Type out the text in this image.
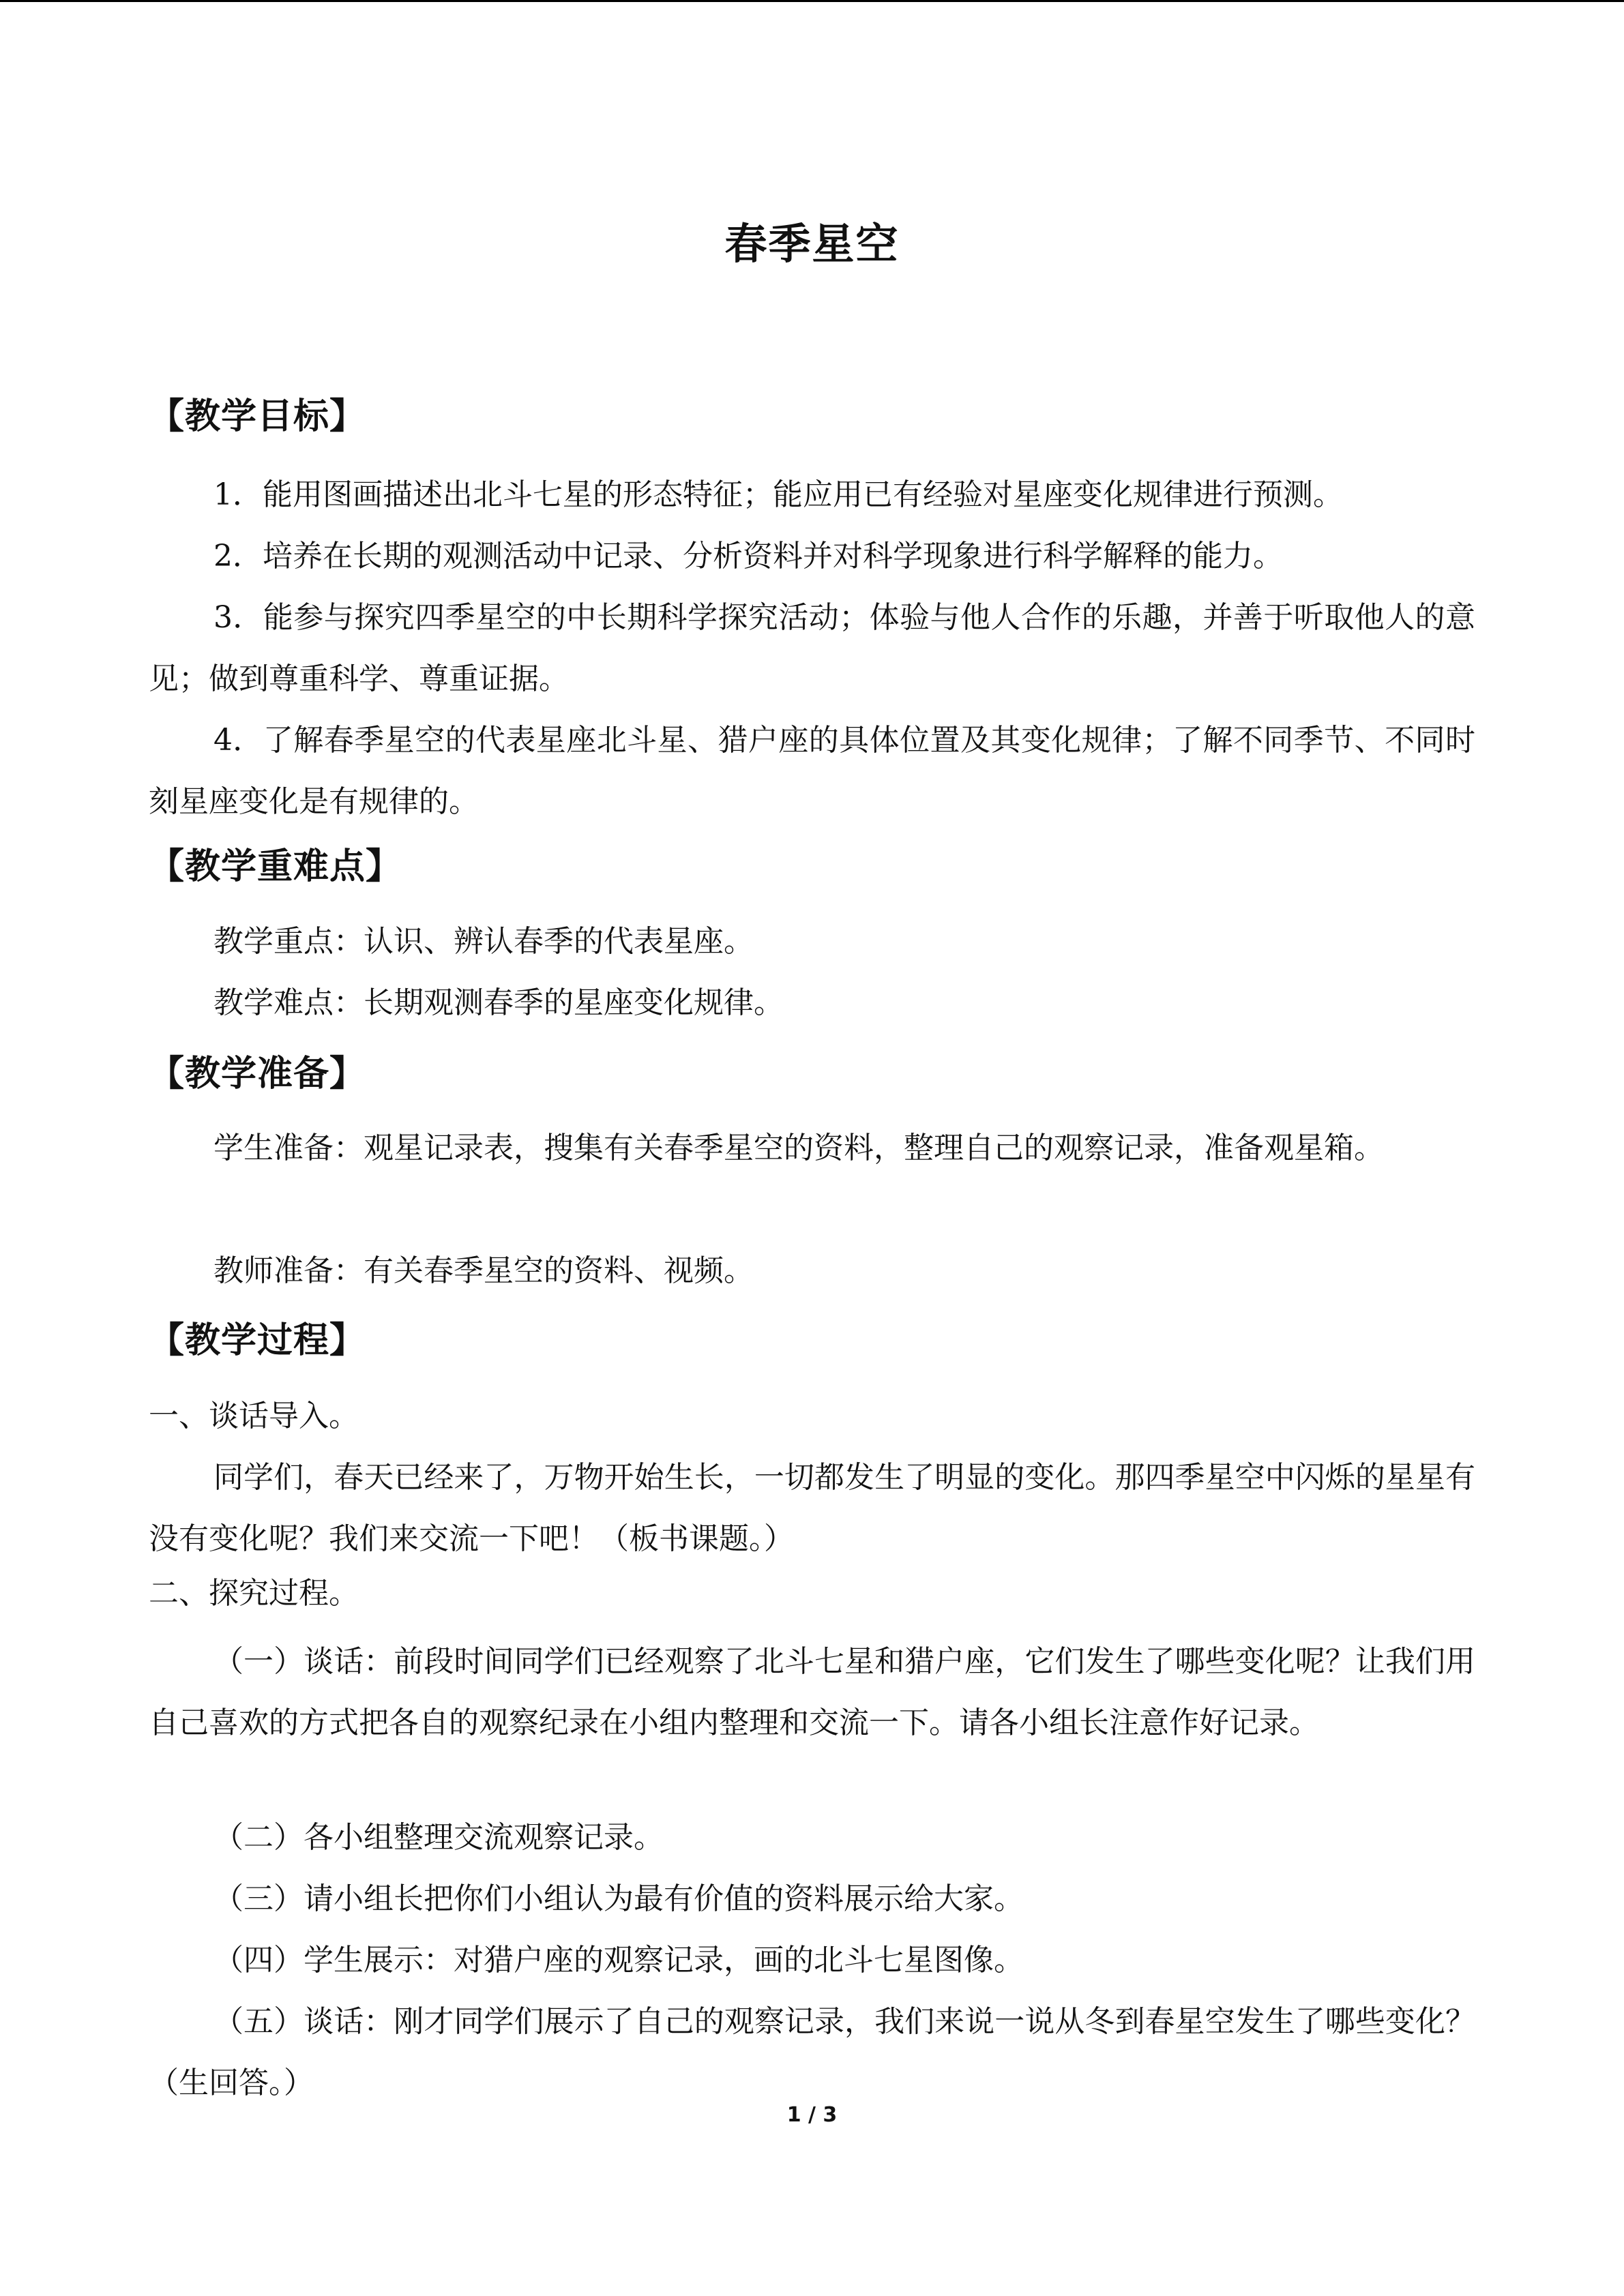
春季星空
【教学目标】

1．能用图画描述出北斗七星的形态特征；能应用已有经验对星座变化规律进行预测。

2．培养在长期的观测活动中记录、分析资料并对科学现象进行科学解释的能力。

3．能参与探究四季星空的中长期科学探究活动；体验与他人合作的乐趣，并善于听取他人的意见；做到尊重科学、尊重证据。

4．了解春季星空的代表星座北斗星、猎户座的具体位置及其变化规律；了解不同季节、不同时刻星座变化是有规律的。

【教学重难点】

教学重点：认识、辨认春季的代表星座。

教学难点：长期观测春季的星座变化规律。

【教学准备】

学生准备：观星记录表，搜集有关春季星空的资料，整理自己的观察记录，准备观星箱。

教师准备：有关春季星空的资料、视频。

【教学过程】

一、谈话导入。

同学们，春天已经来了，万物开始生长，一切都发生了明显的变化。那四季星空中闪烁的星星有没有变化呢？我们来交流一下吧！（板书课题。）

二、探究过程。

（一）谈话：前段时间同学们已经观察了北斗七星和猎户座，它们发生了哪些变化呢？让我们用自己喜欢的方式把各自的观察纪录在小组内整理和交流一下。请各小组长注意作好记录。

（二）各小组整理交流观察记录。

（三）请小组长把你们小组认为最有价值的资料展示给大家。

（四）学生展示：对猎户座的观察记录，画的北斗七星图像。

（五）谈话：刚才同学们展示了自己的观察记录，我们来说一说从冬到春星空发生了哪些变化？（生回答。）

1 / 3
